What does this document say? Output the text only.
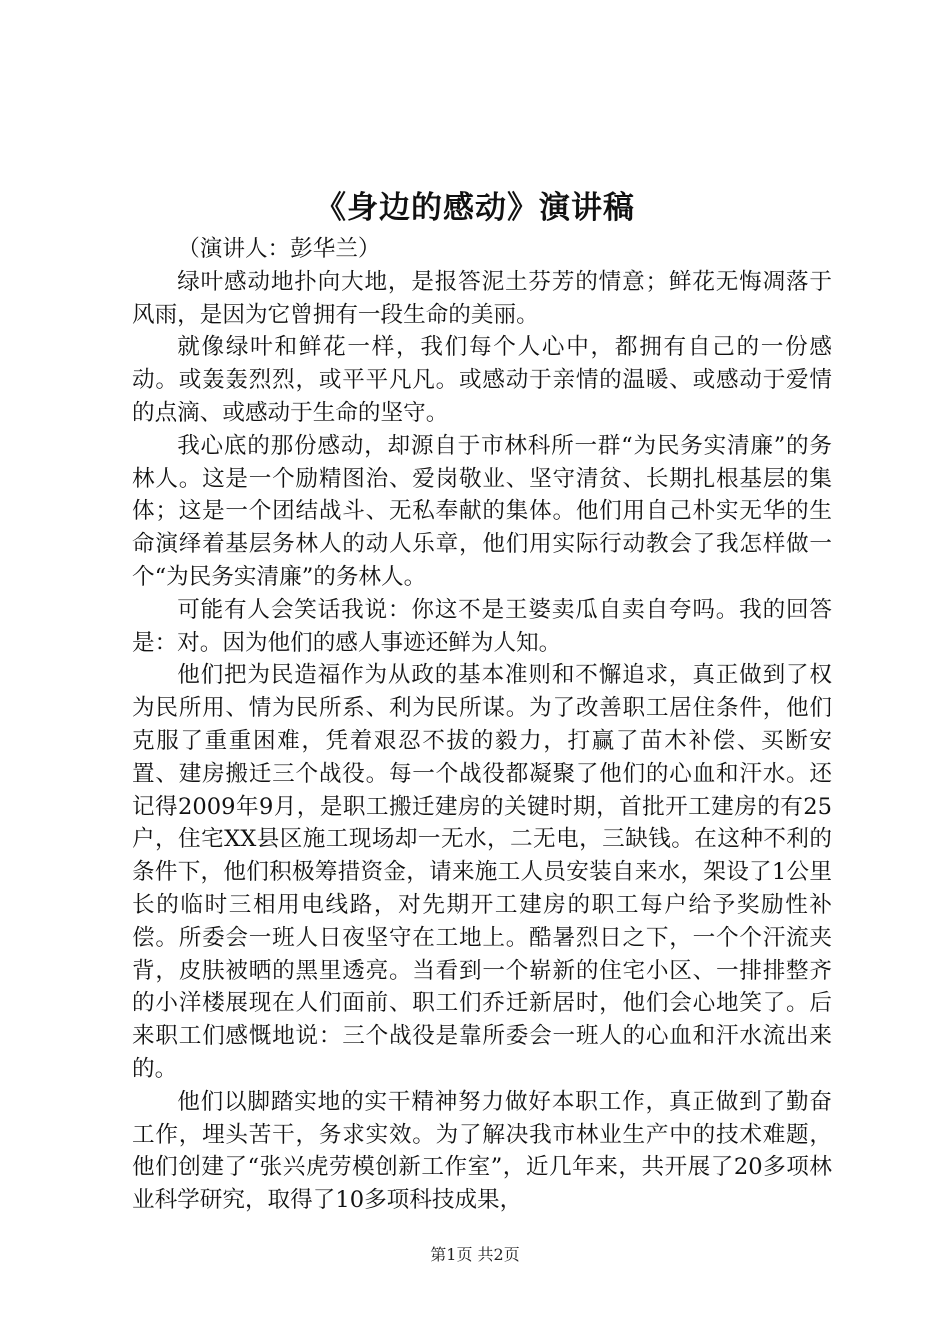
《身边的感动》演讲稿

（演讲人：彭华兰）

绿叶感动地扑向大地，是报答泥土芬芳的情意；鲜花无悔凋落于风雨，是因为它曾拥有一段生命的美丽。

就像绿叶和鲜花一样，我们每个人心中，都拥有自己的一份感动。或轰轰烈烈，或平平凡凡。或感动于亲情的温暖、或感动于爱情的点滴、或感动于生命的坚守。

我心底的那份感动，却源自于市林科所一群“为民务实清廉”的务林人。这是一个励精图治、爱岗敬业、坚守清贫、长期扎根基层的集体；这是一个团结战斗、无私奉献的集体。他们用自己朴实无华的生命演绎着基层务林人的动人乐章，他们用实际行动教会了我怎样做一个“为民务实清廉”的务林人。

可能有人会笑话我说：你这不是王婆卖瓜自卖自夸吗。我的回答是：对。因为他们的感人事迹还鲜为人知。

他们把为民造福作为从政的基本准则和不懈追求，真正做到了权为民所用、情为民所系、利为民所谋。为了改善职工居住条件，他们克服了重重困难，凭着艰忍不拔的毅力，打赢了苗木补偿、买断安置、建房搬迁三个战役。每一个战役都凝聚了他们的心血和汗水。还记得2009年9月，是职工搬迁建房的关键时期，首批开工建房的有25户，住宅XX县区施工现场却一无水，二无电，三缺钱。在这种不利的条件下，他们积极筹措资金，请来施工人员安装自来水，架设了1公里长的临时三相用电线路，对先期开工建房的职工每户给予奖励性补偿。所委会一班人日夜坚守在工地上。酷暑烈日之下，一个个汗流夹背，皮肤被晒的黑里透亮。当看到一个崭新的住宅小区、一排排整齐的小洋楼展现在人们面前、职工们乔迁新居时，他们会心地笑了。后来职工们感慨地说：三个战役是靠所委会一班人的心血和汗水流出来的。

他们以脚踏实地的实干精神努力做好本职工作，真正做到了勤奋工作，埋头苦干，务求实效。为了解决我市林业生产中的技术难题，他们创建了“张兴虎劳模创新工作室”，近几年来，共开展了20多项林业科学研究，取得了10多项科技成果，

第1页 共2页
